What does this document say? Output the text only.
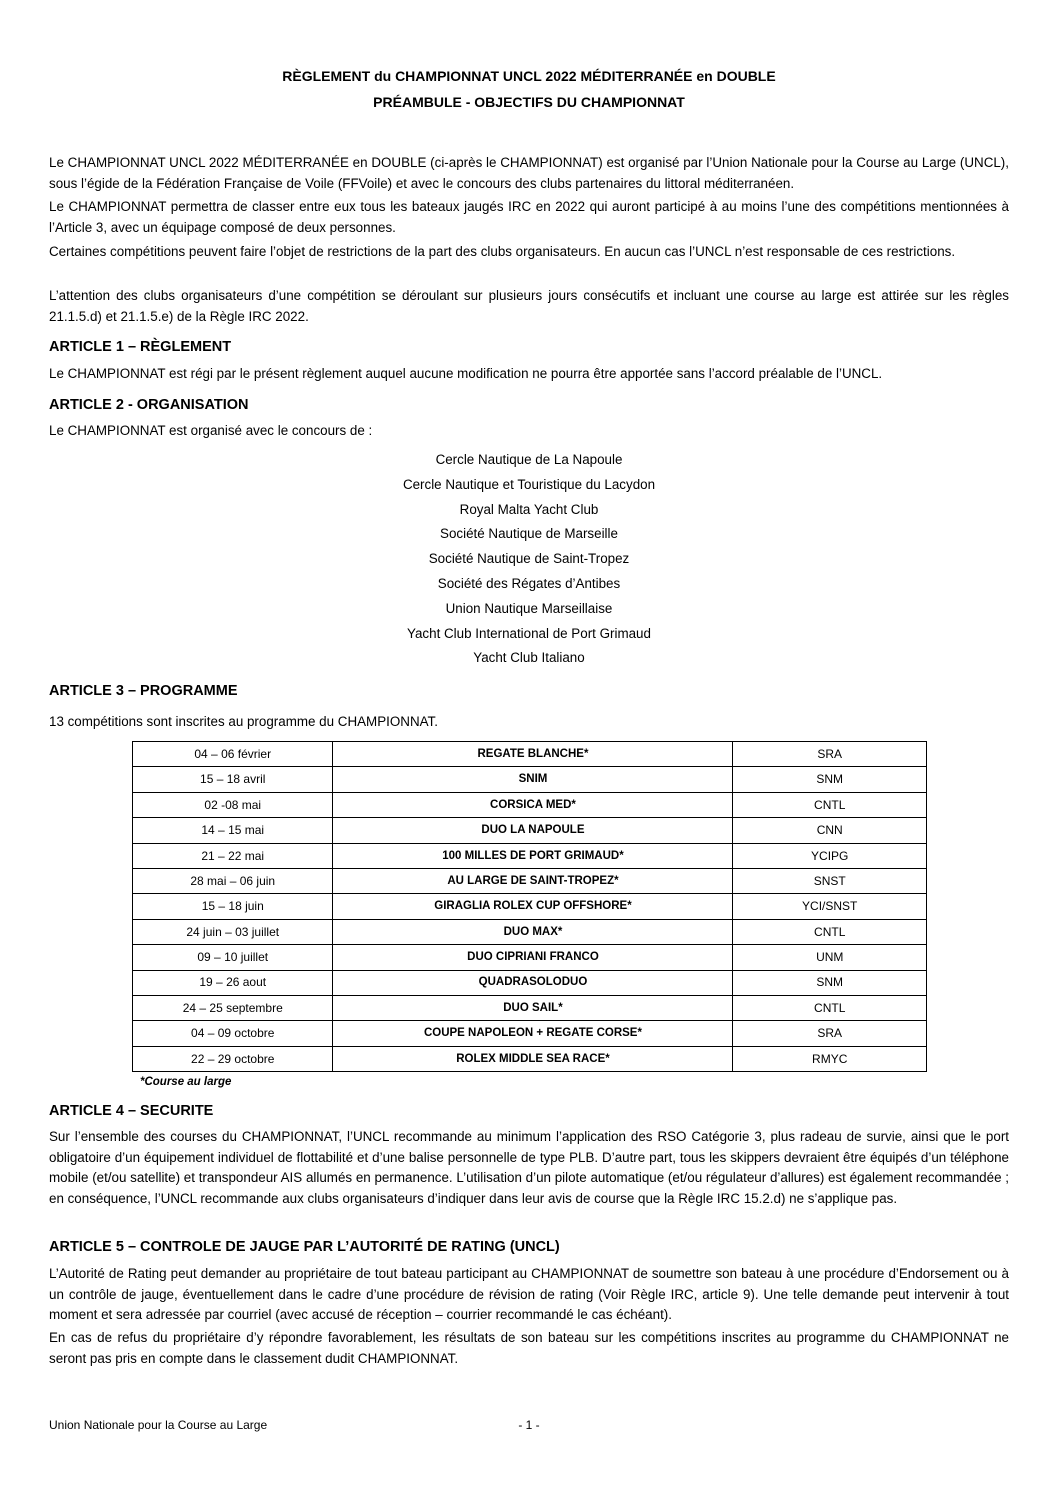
RÈGLEMENT du CHAMPIONNAT UNCL 2022 MÉDITERRANÉE en DOUBLE
PRÉAMBULE - OBJECTIFS DU CHAMPIONNAT
Le CHAMPIONNAT UNCL 2022 MÉDITERRANÉE en DOUBLE (ci-après le CHAMPIONNAT) est organisé par l’Union Nationale pour la Course au Large (UNCL), sous l’égide de la Fédération Française de Voile (FFVoile) et avec le concours des clubs partenaires du littoral méditerranéen.
Le CHAMPIONNAT permettra de classer entre eux tous les bateaux jaugés IRC en 2022 qui auront participé à au moins l’une des compétitions mentionnées à l’Article 3, avec un équipage composé de deux personnes.
Certaines compétitions peuvent faire l’objet de restrictions de la part des clubs organisateurs. En aucun cas l’UNCL n’est responsable de ces restrictions.
L’attention des clubs organisateurs d’une compétition se déroulant sur plusieurs jours consécutifs et incluant une course au large est attirée sur les règles 21.1.5.d) et 21.1.5.e) de la Règle IRC 2022.
ARTICLE 1 – RÈGLEMENT
Le CHAMPIONNAT est régi par le présent règlement auquel aucune modification ne pourra être apportée sans l’accord préalable de l’UNCL.
ARTICLE 2 - ORGANISATION
Le CHAMPIONNAT est organisé avec le concours de :
Cercle Nautique de La Napoule
Cercle Nautique et Touristique du Lacydon
Royal Malta Yacht Club
Société Nautique de Marseille
Société Nautique de Saint-Tropez
Société des Régates d’Antibes
Union Nautique Marseillaise
Yacht Club International de Port Grimaud
Yacht Club Italiano
ARTICLE 3 – PROGRAMME
13 compétitions sont inscrites au programme du CHAMPIONNAT.
04 – 06 février	REGATE BLANCHE*	SRA
15 – 18 avril	SNIM	SNM
02 -08 mai	CORSICA MED*	CNTL
14 – 15 mai	DUO LA NAPOULE	CNN
21 – 22 mai	100 MILLES DE PORT GRIMAUD*	YCIPG
28 mai – 06 juin	AU LARGE DE SAINT-TROPEZ*	SNST
15 – 18 juin	GIRAGLIA ROLEX CUP OFFSHORE*	YCI/SNST
24 juin – 03 juillet	DUO MAX*	CNTL
09 – 10 juillet	DUO CIPRIANI FRANCO	UNM
19 – 26 aout	QUADRASOLODUO	SNM
24 – 25 septembre	DUO SAIL*	CNTL
04 – 09 octobre	COUPE NAPOLEON + REGATE CORSE*	SRA
22 – 29 octobre	ROLEX MIDDLE SEA RACE*	RMYC
*Course au large
ARTICLE 4 – SECURITE
Sur l’ensemble des courses du CHAMPIONNAT, l’UNCL recommande au minimum l’application des RSO Catégorie 3, plus radeau de survie, ainsi que le port obligatoire d’un équipement individuel de flottabilité et d’une balise personnelle de type PLB. D’autre part, tous les skippers devraient être équipés d’un téléphone mobile (et/ou satellite) et transpondeur AIS allumés en permanence. L’utilisation d’un pilote automatique (et/ou régulateur d’allures) est également recommandée ; en conséquence, l’UNCL recommande aux clubs organisateurs d’indiquer dans leur avis de course que la Règle IRC 15.2.d) ne s’applique pas.
ARTICLE 5 – CONTROLE DE JAUGE PAR L’AUTORITÉ DE RATING (UNCL)
L’Autorité de Rating peut demander au propriétaire de tout bateau participant au CHAMPIONNAT de soumettre son bateau à une procédure d’Endorsement ou à un contrôle de jauge, éventuellement dans le cadre d’une procédure de révision de rating (Voir Règle IRC, article 9). Une telle demande peut intervenir à tout moment et sera adressée par courriel (avec accusé de réception – courrier recommandé le cas échéant).
En cas de refus du propriétaire d’y répondre favorablement, les résultats de son bateau sur les compétitions inscrites au programme du CHAMPIONNAT ne seront pas pris en compte dans le classement dudit CHAMPIONNAT.
Union Nationale pour la Course au Large	- 1 -
